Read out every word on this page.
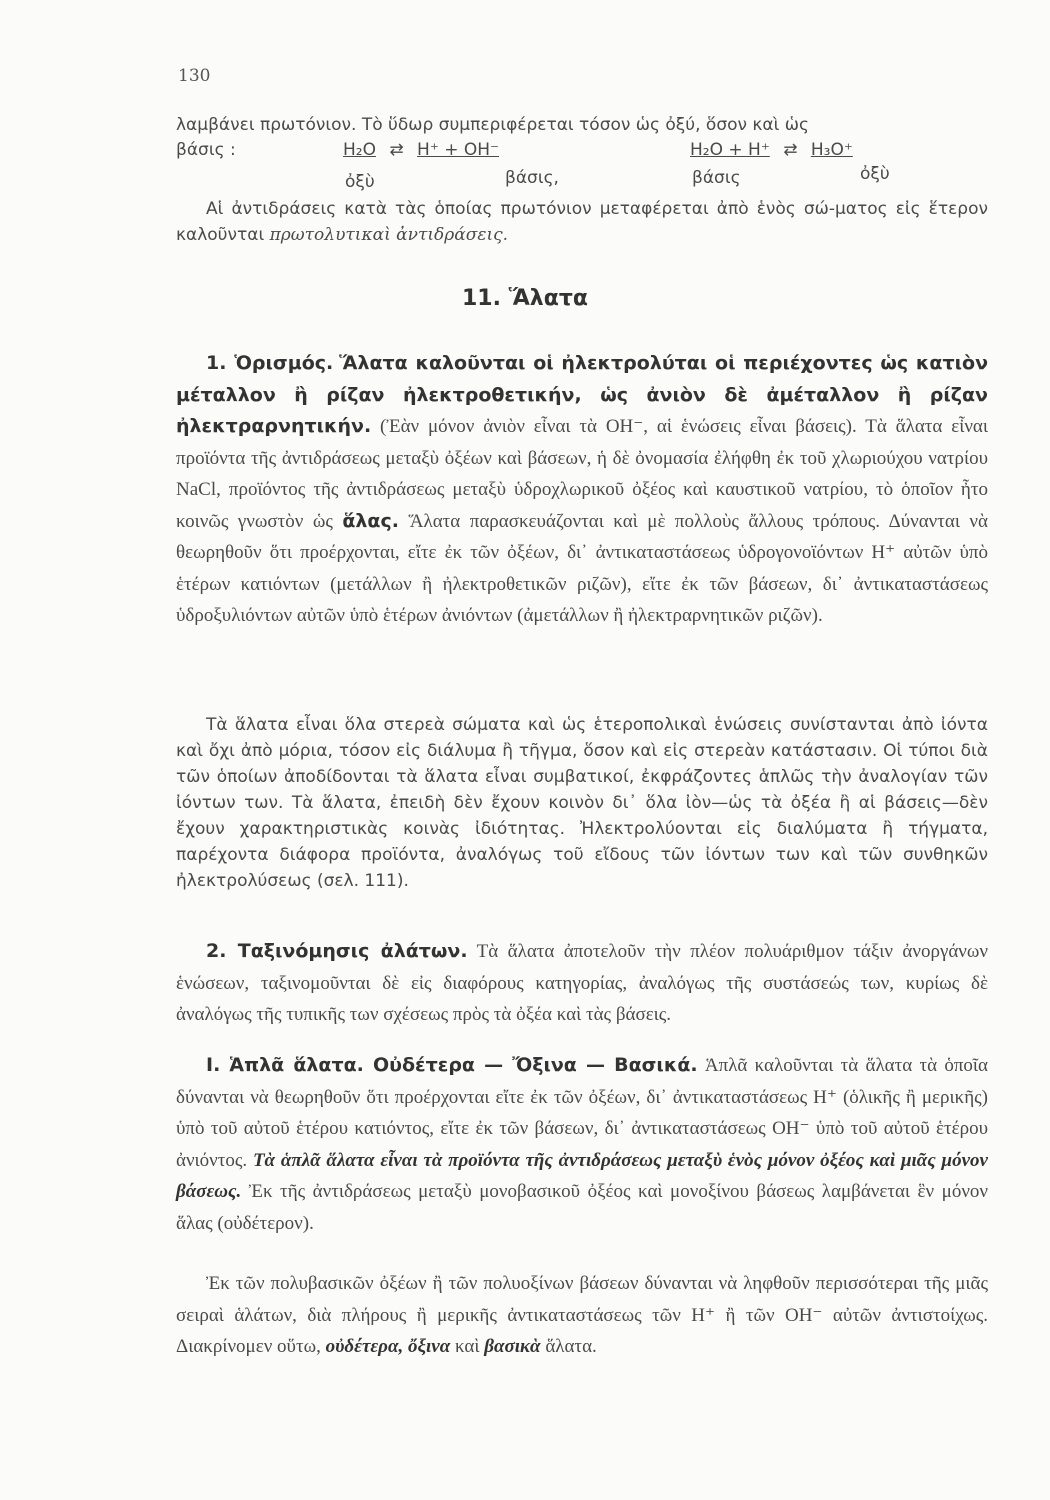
130
λαμβάνει πρωτόνιον. Τὸ ὕδωρ συμπεριφέρεται τόσον ὡς ὀξύ, ὅσον καὶ ὡς
βάσις :	H₂O ⇄ H⁺ + OH⁻	H₂O + H⁺ ⇄ H₃O⁺
ὀξὺ	βάσις,	βάσις	ὀξὺ

Αἱ ἀντιδράσεις κατὰ τὰς ὁποίας πρωτόνιον μεταφέρεται ἀπὸ ἑνὸς σώ-ματος εἰς ἕτερον καλοῦνται πρωτολυτικαὶ ἀντιδράσεις.

11. Ἅλατα

1. Ὁρισμός. Ἅλατα καλοῦνται οἱ ἠλεκτρολύται οἱ περιέχοντες ὡς κατιὸν μέταλλον ἢ ρίζαν ἠλεκτροθετικήν, ὡς ἀνιὸν δὲ ἀμέταλλον ἢ ρίζαν ἠλεκτραρνητικήν. (Ἐὰν μόνον ἀνιὸν εἶναι τὰ OH⁻, αἱ ἑνώσεις εἶναι βάσεις). Τὰ ἅλατα εἶναι προϊόντα τῆς ἀντιδράσεως μεταξὺ ὀξέων καὶ βάσεων, ἡ δὲ ὀνομασία ἐλήφθη ἐκ τοῦ χλωριούχου νατρίου NaCl, προϊόντος τῆς ἀντιδράσεως μεταξὺ ὑδροχλωρικοῦ ὀξέος καὶ καυστικοῦ νατρίου, τὸ ὁποῖον ἦτο κοινῶς γνωστὸν ὡς ἅλας. Ἅλατα παρασκευάζονται καὶ μὲ πολλοὺς ἄλλους τρόπους. Δύνανται νὰ θεωρηθοῦν ὅτι προέρχονται, εἴτε ἐκ τῶν ὀξέων, δι᾽ ἀντικαταστάσεως ὑδρογονοϊόντων H⁺ αὐτῶν ὑπὸ ἑτέρων κατιόντων (μετάλλων ἢ ἠλεκτροθετικῶν ριζῶν), εἴτε ἐκ τῶν βάσεων, δι᾽ ἀντικαταστάσεως ὑδροξυλιόντων αὐτῶν ὑπὸ ἑτέρων ἀνιόντων (ἀμετάλλων ἢ ἠλεκτραρνητικῶν ριζῶν).

Τὰ ἅλατα εἶναι ὅλα στερεὰ σώματα καὶ ὡς ἑτεροπολικαὶ ἑνώσεις συνίστανται ἀπὸ ἰόντα καὶ ὄχι ἀπὸ μόρια, τόσον εἰς διάλυμα ἢ τῆγμα, ὅσον καὶ εἰς στερεὰν κατάστασιν. Οἱ τύποι διὰ τῶν ὁποίων ἀποδίδονται τὰ ἅλατα εἶναι συμβατικοί, ἐκφράζοντες ἁπλῶς τὴν ἀναλογίαν τῶν ἰόντων των. Τὰ ἅλατα, ἐπειδὴ δὲν ἔχουν κοινὸν δι᾽ ὅλα ἰὸν—ὡς τὰ ὀξέα ἢ αἱ βάσεις—δὲν ἔχουν χαρακτηριστικὰς κοινὰς ἰδιότητας. Ἠλεκτρολύονται εἰς διαλύματα ἢ τήγματα, παρέχοντα διάφορα προϊόντα, ἀναλόγως τοῦ εἴδους τῶν ἰόντων των καὶ τῶν συνθηκῶν ἠλεκτρολύσεως (σελ. 111).

2. Ταξινόμησις ἀλάτων. Τὰ ἅλατα ἀποτελοῦν τὴν πλέον πολυάριθμον τάξιν ἀνοργάνων ἑνώσεων, ταξινομοῦνται δὲ εἰς διαφόρους κατηγορίας, ἀναλόγως τῆς συστάσεώς των, κυρίως δὲ ἀναλόγως τῆς τυπικῆς των σχέσεως πρὸς τὰ ὀξέα καὶ τὰς βάσεις.

I. Ἁπλᾶ ἅλατα. Οὐδέτερα — Ὄξινα — Βασικά. Ἁπλᾶ καλοῦνται τὰ ἅλατα τὰ ὁποῖα δύνανται νὰ θεωρηθοῦν ὅτι προέρχονται εἴτε ἐκ τῶν ὀξέων, δι᾽ ἀντικαταστάσεως H⁺ (ὁλικῆς ἢ μερικῆς) ὑπὸ τοῦ αὐτοῦ ἑτέρου κατιόντος, εἴτε ἐκ τῶν βάσεων, δι᾽ ἀντικαταστάσεως OH⁻ ὑπὸ τοῦ αὐτοῦ ἑτέρου ἀνιόντος. Τὰ ἁπλᾶ ἅλατα εἶναι τὰ προϊόντα τῆς ἀντιδράσεως μεταξὺ ἑνὸς μόνον ὀξέος καὶ μιᾶς μόνον βάσεως. Ἐκ τῆς ἀντιδράσεως μεταξὺ μονοβασικοῦ ὀξέος καὶ μονοξίνου βάσεως λαμβάνεται ἓν μόνον ἅλας (οὐδέτερον).

Ἐκ τῶν πολυβασικῶν ὀξέων ἢ τῶν πολυοξίνων βάσεων δύνανται νὰ ληφθοῦν περισσότεραι τῆς μιᾶς σειραὶ ἁλάτων, διὰ πλήρους ἢ μερικῆς ἀντικαταστάσεως τῶν H⁺ ἢ τῶν OH⁻ αὐτῶν ἀντιστοίχως. Διακρίνομεν οὕτω, οὐδέτερα, ὄξινα καὶ βασικὰ ἅλατα.
